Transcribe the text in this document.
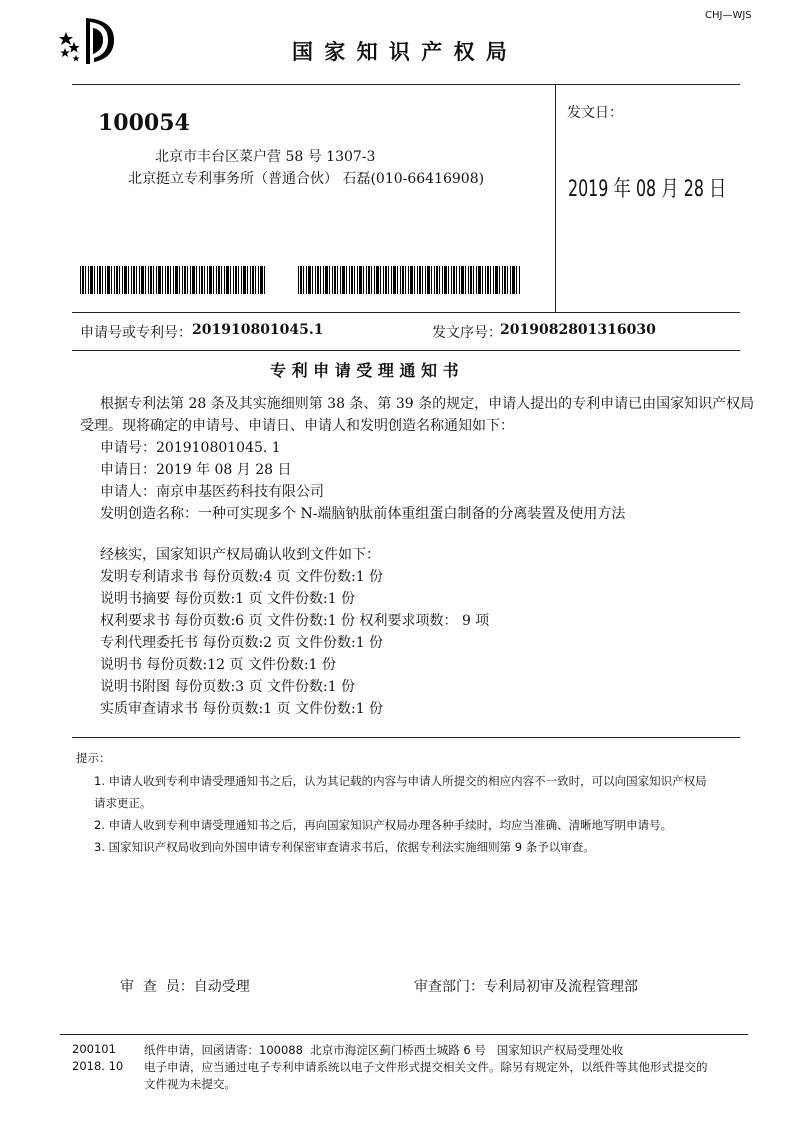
CHJ—WJS
国 家 知 识 产 权 局
100054
北京市丰台区菜户营 58 号 1307-3
北京挺立专利事务所（普通合伙） 石磊(010-66416908)
发文日：
2019 年 08 月 28 日
申请号或专利号： 201910801045.1	发文序号：
2019082801316030
专 利 申 请 受 理 通 知 书
根据专利法第 28 条及其实施细则第 38 条、第 39 条的规定，申请人提出的专利申请已由国家知识产权局
受理。现将确定的申请号、申请日、申请人和发明创造名称通知如下：
申请号：201910801045. 1
申请日：2019 年 08 月 28 日
申请人：南京申基医药科技有限公司
发明创造名称：一种可实现多个 N-端脑钠肽前体重组蛋白制备的分离装置及使用方法
经核实，国家知识产权局确认收到文件如下：
发明专利请求书 每份页数:4 页 文件份数:1 份
说明书摘要 每份页数:1 页 文件份数:1 份
权利要求书 每份页数:6 页 文件份数:1 份 权利要求项数： 9 项
专利代理委托书 每份页数:2 页 文件份数:1 份
说明书 每份页数:12 页 文件份数:1 份
说明书附图 每份页数:3 页 文件份数:1 份
实质审查请求书 每份页数:1 页 文件份数:1 份
提示：
1. 申请人收到专利申请受理通知书之后，认为其记载的内容与申请人所提交的相应内容不一致时，可以向国家知识产权局
请求更正。
2. 申请人收到专利申请受理通知书之后，再向国家知识产权局办理各种手续时，均应当准确、清晰地写明申请号。
3. 国家知识产权局收到向外国申请专利保密审查请求书后，依据专利法实施细则第 9 条予以审查。
审  查  员：自动受理	审查部门：专利局初审及流程管理部
200101
2018. 10
纸件申请，回函请寄：100088  北京市海淀区蓟门桥西土城路 6 号   国家知识产权局受理处收
电子申请，应当通过电子专利申请系统以电子文件形式提交相关文件。除另有规定外，以纸件等其他形式提交的
文件视为未提交。
